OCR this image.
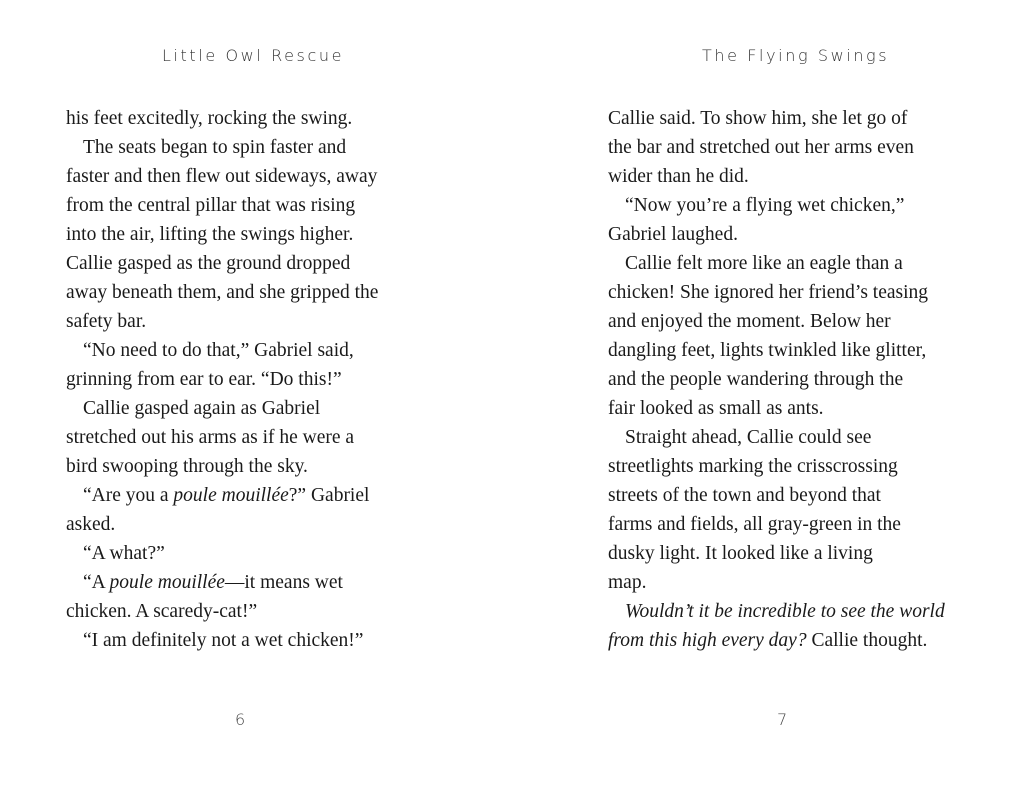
Little Owl Rescue
his feet excitedly, rocking the swing.
The seats began to spin faster and
faster and then flew out sideways, away
from the central pillar that was rising
into the air, lifting the swings higher.
Callie gasped as the ground dropped
away beneath them, and she gripped the
safety bar.
“No need to do that,” Gabriel said,
grinning from ear to ear. “Do this!”
Callie gasped again as Gabriel
stretched out his arms as if he were a
bird swooping through the sky.
“Are you a poule mouillée?” Gabriel
asked.
“A what?”
“A poule mouillée—it means wet
chicken. A scaredy-cat!”
“I am definitely not a wet chicken!”
6
The Flying Swings
Callie said. To show him, she let go of
the bar and stretched out her arms even
wider than he did.
“Now you’re a flying wet chicken,”
Gabriel laughed.
Callie felt more like an eagle than a
chicken! She ignored her friend’s teasing
and enjoyed the moment. Below her
dangling feet, lights twinkled like glitter,
and the people wandering through the
fair looked as small as ants.
Straight ahead, Callie could see
streetlights marking the crisscrossing
streets of the town and beyond that
farms and fields, all gray-green in the
dusky light. It looked like a living
map.
Wouldn’t it be incredible to see the world
from this high every day? Callie thought.
7
